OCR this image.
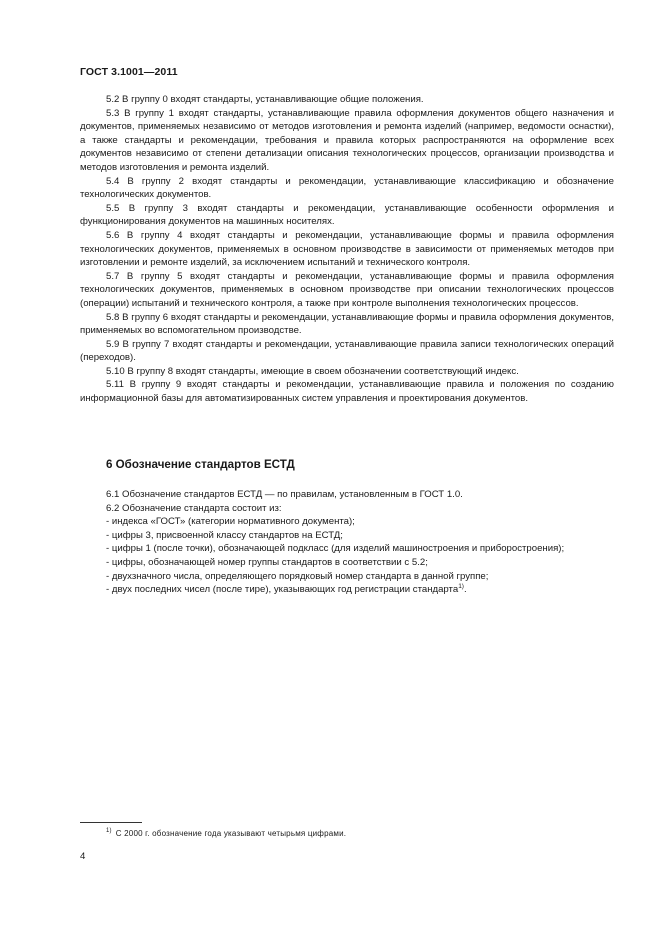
ГОСТ 3.1001—2011

5.2 В группу 0 входят стандарты, устанавливающие общие положения.

5.3 В группу 1 входят стандарты, устанавливающие правила оформления документов общего назначения и документов, применяемых независимо от методов изготовления и ремонта изделий (например, ведомости оснастки), а также стандарты и рекомендации, требования и правила которых распространяются на оформление всех документов независимо от степени детализации описания технологических процессов, организации производства и методов изготовления и ремонта изделий.

5.4 В группу 2 входят стандарты и рекомендации, устанавливающие классификацию и обозначение технологических документов.

5.5 В группу 3 входят стандарты и рекомендации, устанавливающие особенности оформления и функционирования документов на машинных носителях.

5.6 В группу 4 входят стандарты и рекомендации, устанавливающие формы и правила оформления технологических документов, применяемых в основном производстве в зависимости от применяемых методов при изготовлении и ремонте изделий, за исключением испытаний и технического контроля.

5.7 В группу 5 входят стандарты и рекомендации, устанавливающие формы и правила оформления технологических документов, применяемых в основном производстве при описании технологических процессов (операции) испытаний и технического контроля, а также при контроле выполнения технологических процессов.

5.8 В группу 6 входят стандарты и рекомендации, устанавливающие формы и правила оформления документов, применяемых во вспомогательном производстве.

5.9 В группу 7 входят стандарты и рекомендации, устанавливающие правила записи технологических операций (переходов).

5.10 В группу 8 входят стандарты, имеющие в своем обозначении соответствующий индекс.

5.11 В группу 9 входят стандарты и рекомендации, устанавливающие правила и положения по созданию информационной базы для автоматизированных систем управления и проектирования документов.

6 Обозначение стандартов ЕСТД

6.1 Обозначение стандартов ЕСТД — по правилам, установленным в ГОСТ 1.0.

6.2 Обозначение стандарта состоит из:

- индекса «ГОСТ» (категории нормативного документа);

- цифры 3, присвоенной классу стандартов на ЕСТД;

- цифры 1 (после точки), обозначающей подкласс (для изделий машиностроения и приборостроения);

- цифры, обозначающей номер группы стандартов в соответствии с 5.2;

- двухзначного числа, определяющего порядковый номер стандарта в данной группе;

- двух последних чисел (после тире), указывающих год регистрации стандарта$^{1)}$.

$^{1)}$ С 2000 г. обозначение года указывают четырьмя цифрами.
4
